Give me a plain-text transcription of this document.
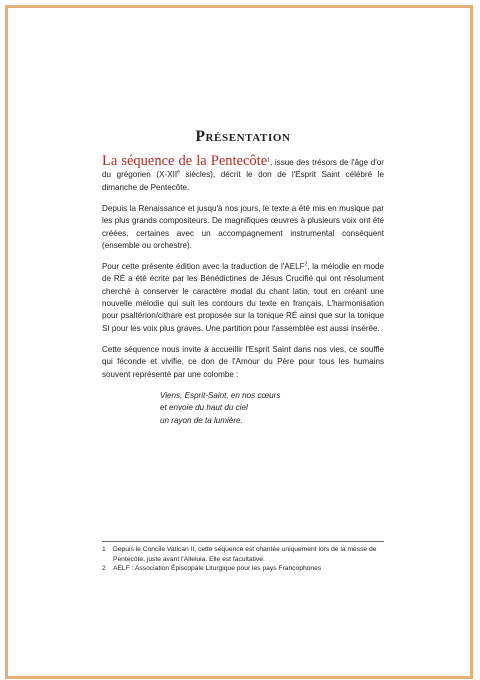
Présentation

La séquence de la Pentecôte$^1$, issue des trésors de l'âge d'or du grégorien (X-XIIe siècles), décrit le don de l'Esprit Saint célébré le dimanche de Pentecôte.

Depuis la Renaissance et jusqu'à nos jours, le texte a été mis en musique par les plus grands compositeurs. De magnifiques œuvres à plusieurs voix ont été créées, certaines avec un accompagnement instrumental conséquent (ensemble ou orchestre).

Pour cette présente édition avec la traduction de l'AELF$^2$, la mélodie en mode de RÉ a été écrite par les Bénédictines de Jésus Crucifié qui ont résolument cherché à conserver le caractère modal du chant latin, tout en créant une nouvelle mélodie qui suit les contours du texte en français. L'harmonisation pour psaltérion/cithare est proposée sur la tonique RÉ ainsi que sur la tonique SI pour les voix plus graves. Une partition pour l'assemblée est aussi insérée.

Cette séquence nous invite à accueillir l'Esprit Saint dans nos vies, ce souffle qui féconde et vivifie, ce don de l'Amour du Père pour tous les humains souvent représenté par une colombe :

Viens, Esprit-Saint, en nos cœurs
et envoie du haut du ciel
un rayon de ta lumière.
1	Depuis le Concile Vatican II, cette séquence est chantée uniquement lors de la messe de Pentecôte, juste avant l'Alleluia. Elle est facultative.
2	AELF : Association Épiscopale Liturgique pour les pays Francophones
